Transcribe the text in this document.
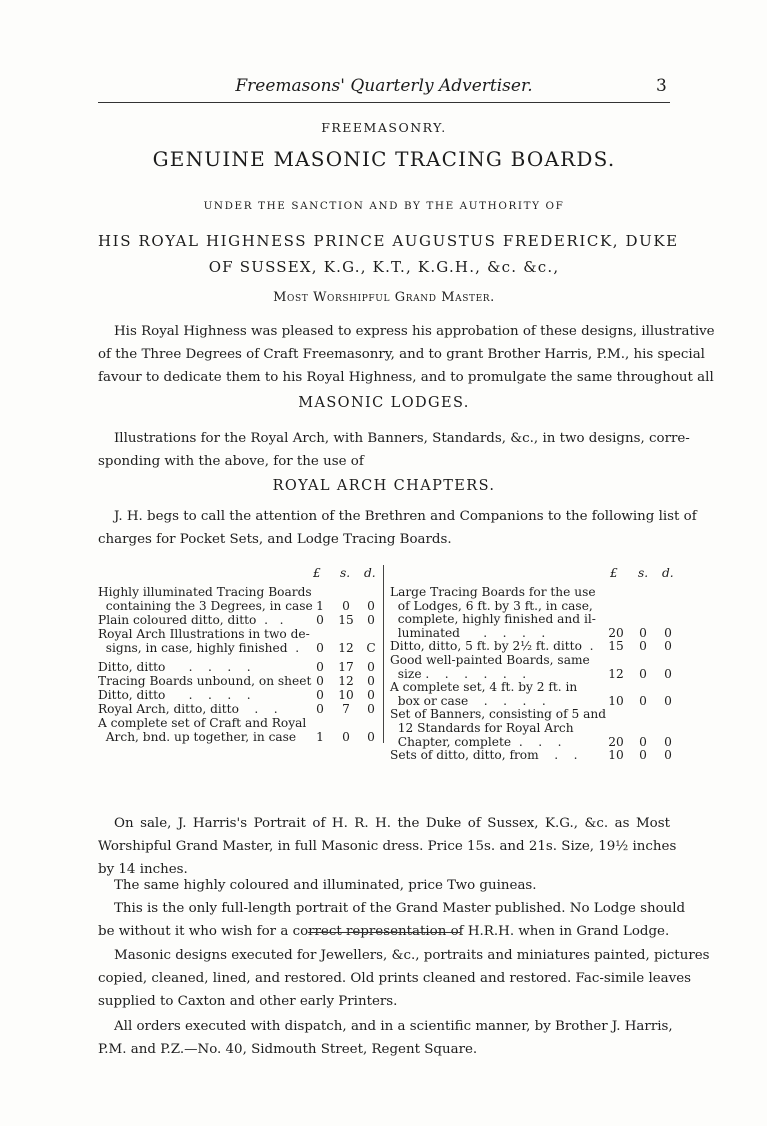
Freemasons' Quarterly Advertiser.	3
FREEMASONRY.
GENUINE MASONIC TRACING BOARDS.
UNDER THE SANCTION AND BY THE AUTHORITY OF
HIS ROYAL HIGHNESS PRINCE AUGUSTUS FREDERICK, DUKE
OF SUSSEX, K.G., K.T., K.G.H., &c. &c.,
Most Worshipful Grand Master.
His Royal Highness was pleased to express his approbation of these designs, illustrative
of the Three Degrees of Craft Freemasonry, and to grant Brother Harris, P.M., his special
favour to dedicate them to his Royal Highness, and to promulgate the same throughout all
MASONIC LODGES.
Illustrations for the Royal Arch, with Banners, Standards, &c., in two designs, corre-
sponding with the above, for the use of
ROYAL ARCH CHAPTERS.
J. H. begs to call the attention of the Brethren and Companions to the following list of
charges for Pocket Sets, and Lodge Tracing Boards.
£ s. d.	£ s. d.
Highly illuminated Tracing Boards
containing the 3 Degrees, in case 1	0	0
Plain coloured ditto, ditto  .   .	0	15	0
Royal Arch Illustrations in two de-
signs, in case, highly finished  .	0	12	C
Ditto, ditto      .    .    .    .	0	17	0
Tracing Boards unbound, on sheet 0	12	0
Ditto, ditto      .    .    .    .	0	10	0
Royal Arch, ditto, ditto    .    .	0	7	0
A complete set of Craft and Royal
Arch, bnd. up together, in case	1	0	0
Large Tracing Boards for the use
of Lodges, 6 ft. by 3 ft., in case,
complete, highly finished and il-
luminated      .    .    .    .	20	0	0
Ditto, ditto, 5 ft. by 2½ ft. ditto  . 15	0	0
Good well-painted Boards, same
size .    .    .    .    .    .	12	0	0
A complete set, 4 ft. by 2 ft. in
box or case    .    .    .    .	10	0	0
Set of Banners, consisting of 5 and
12 Standards for Royal Arch
Chapter, complete  .    .    .	20	0	0
Sets of ditto, ditto, from    .    .	10	0	0
On sale, J. Harris's Portrait of H. R. H. the Duke of Sussex, K.G., &c. as Most
Worshipful Grand Master, in full Masonic dress. Price 15s. and 21s. Size, 19½ inches
by 14 inches.
The same highly coloured and illuminated, price Two guineas.
This is the only full-length portrait of the Grand Master published. No Lodge should
be without it who wish for a correct representation of H.R.H. when in Grand Lodge.
Masonic designs executed for Jewellers, &c., portraits and miniatures painted, pictures
copied, cleaned, lined, and restored. Old prints cleaned and restored. Fac-simile leaves
supplied to Caxton and other early Printers.
All orders executed with dispatch, and in a scientific manner, by Brother J. Harris,
P.M. and P.Z.—No. 40, Sidmouth Street, Regent Square.
